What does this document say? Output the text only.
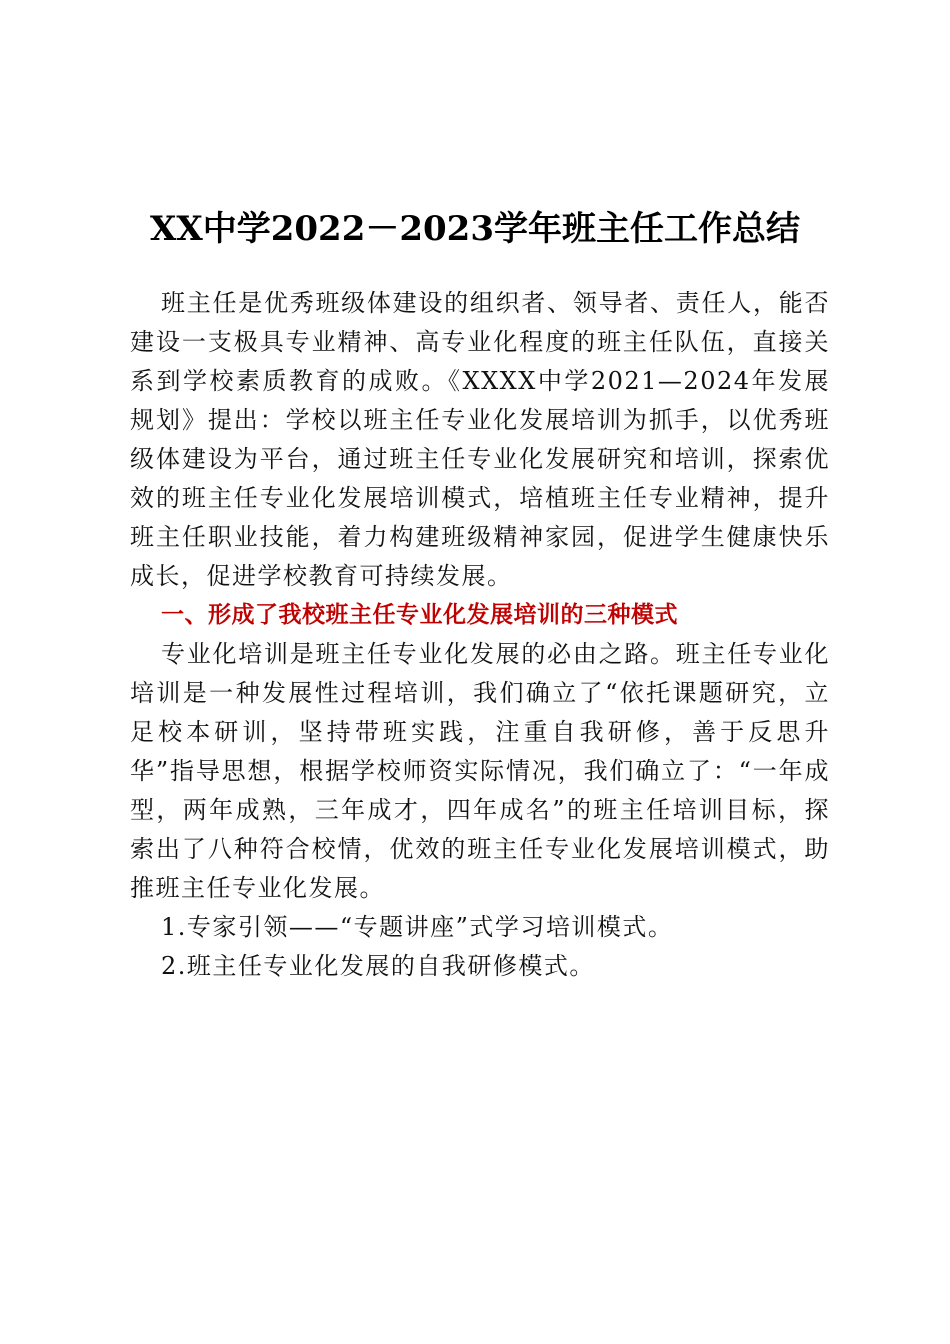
XX中学2022－2023学年班主任工作总结

班主任是优秀班级体建设的组织者、领导者、责任人，能否建设一支极具专业精神、高专业化程度的班主任队伍，直接关系到学校素质教育的成败。《XXXX中学2021—2024年发展规划》提出：学校以班主任专业化发展培训为抓手，以优秀班级体建设为平台，通过班主任专业化发展研究和培训，探索优效的班主任专业化发展培训模式，培植班主任专业精神，提升班主任职业技能，着力构建班级精神家园，促进学生健康快乐成长，促进学校教育可持续发展。

一、形成了我校班主任专业化发展培训的三种模式

专业化培训是班主任专业化发展的必由之路。班主任专业化培训是一种发展性过程培训，我们确立了“依托课题研究，立足校本研训，坚持带班实践，注重自我研修，善于反思升华”指导思想，根据学校师资实际情况，我们确立了：“一年成型，两年成熟，三年成才，四年成名”的班主任培训目标，探索出了八种符合校情，优效的班主任专业化发展培训模式，助推班主任专业化发展。

1.专家引领——“专题讲座”式学习培训模式。

2.班主任专业化发展的自我研修模式。
